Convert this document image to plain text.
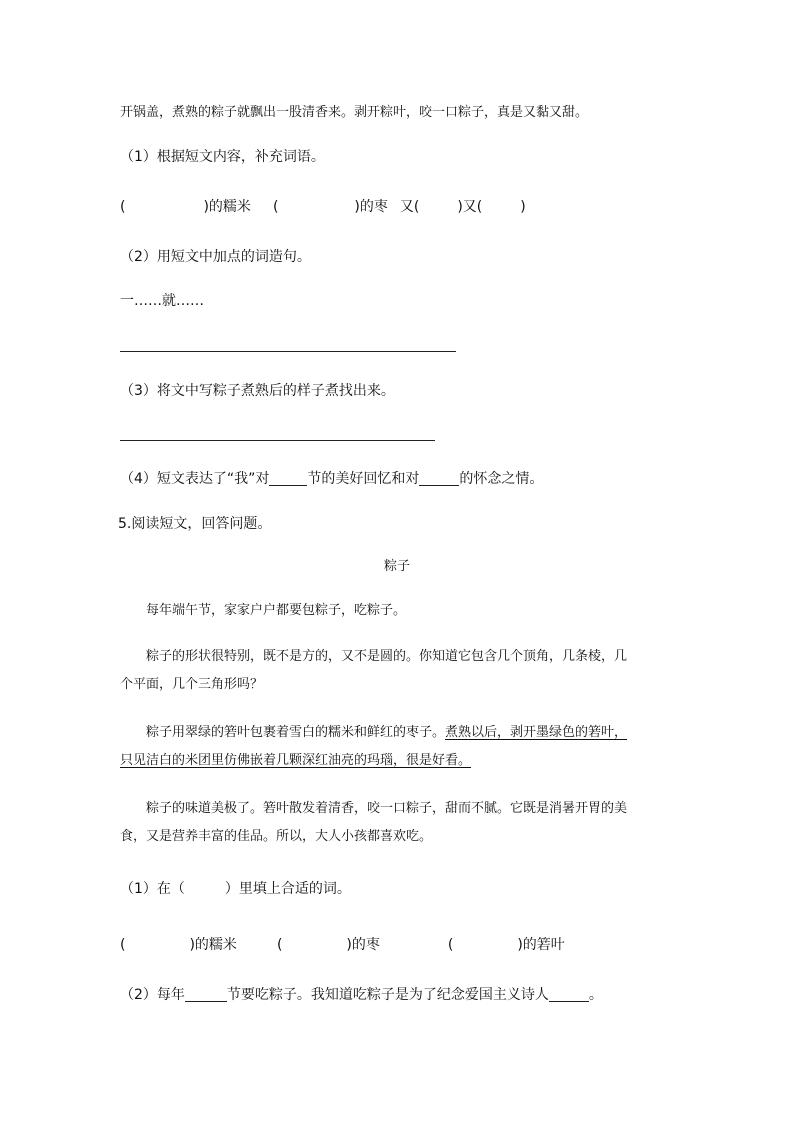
开锅盖，煮熟的粽子就飘出一股清香来。剥开粽叶，咬一口粽子，真是又黏又甜。
（1）根据短文内容，补充词语。
(	)的糯米 (	)的枣 又(	)又(	)
（2）用短文中加点的词造句。
一……就……
（3）将文中写粽子煮熟后的样子煮找出来。
（4）短文表达了“我”对	节的美好回忆和对	的怀念之情。
5.阅读短文，回答问题。
粽子
每年端午节，家家户户都要包粽子，吃粽子。
粽子的形状很特别，既不是方的，又不是圆的。你知道它包含几个顶角，几条棱，几
个平面，几个三角形吗？
粽子用翠绿的箬叶包裹着雪白的糯米和鲜红的枣子。煮熟以后，剥开墨绿色的箬叶，
只见洁白的米团里仿佛嵌着几颗深红油亮的玛瑙，很是好看。
粽子的味道美极了。箬叶散发着清香，咬一口粽子，甜而不腻。它既是消暑开胃的美
食，又是营养丰富的佳品。所以，大人小孩都喜欢吃。
（1）在（	）里填上合适的词。
(	)的糯米	(	)的枣	(	)的箬叶
（2）每年	节要吃粽子。我知道吃粽子是为了纪念爱国主义诗人	。
